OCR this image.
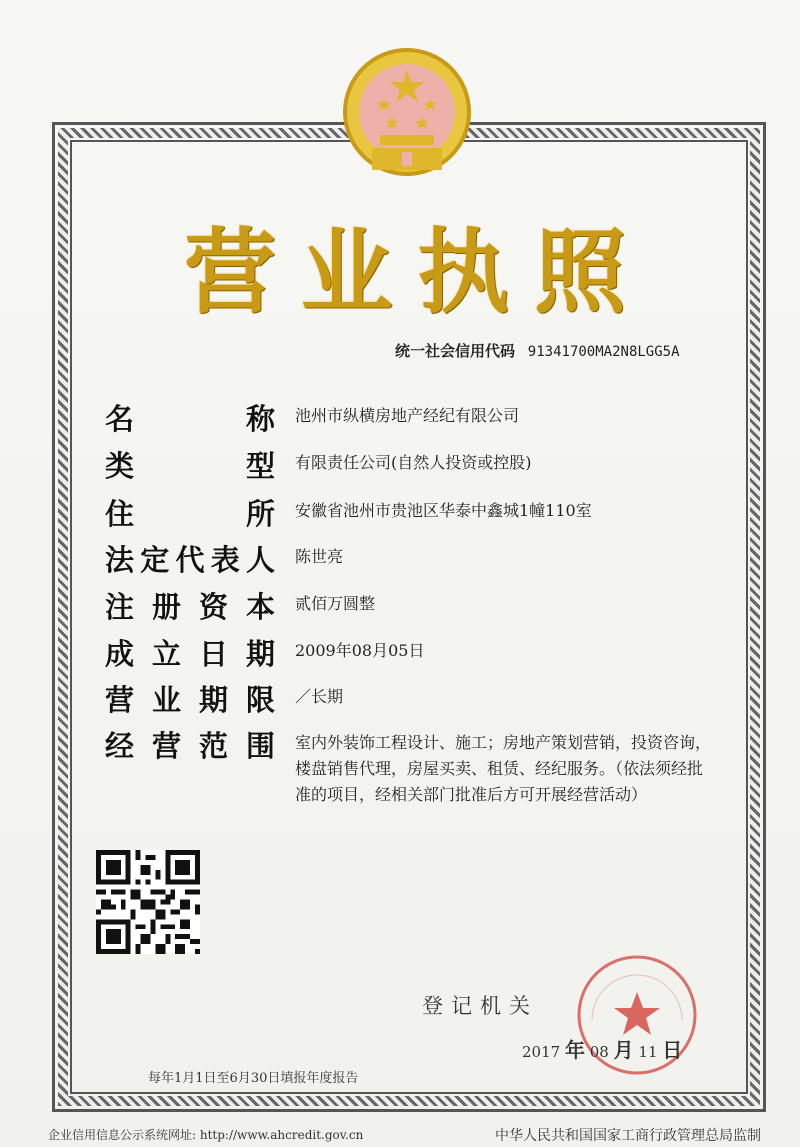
营 业 执 照
统一社会信用代码 91341700MA2N8LGG5A
名	称 池州市纵横房地产经纪有限公司
类	型 有限责任公司(自然人投资或控股)
住	所 安徽省池州市贵池区华泰中鑫城1幢110室
法 定 代 表 人 陈世亮
注 册 资 本 贰佰万圆整
成 立 日 期 2009年08月05日
营 业 期 限 ／长期
经 营 范 围 室内外装饰工程设计、施工；房地产策划营销，投资咨询，楼盘销售代理，房屋买卖、租赁、经纪服务。（依法须经批准的项目，经相关部门批准后方可开展经营活动）
登记机关
2017 年 08 月 11 日
每年1月1日至6月30日填报年度报告
企业信用信息公示系统网址: http://www.ahcredit.gov.cn	中华人民共和国国家工商行政管理总局监制
